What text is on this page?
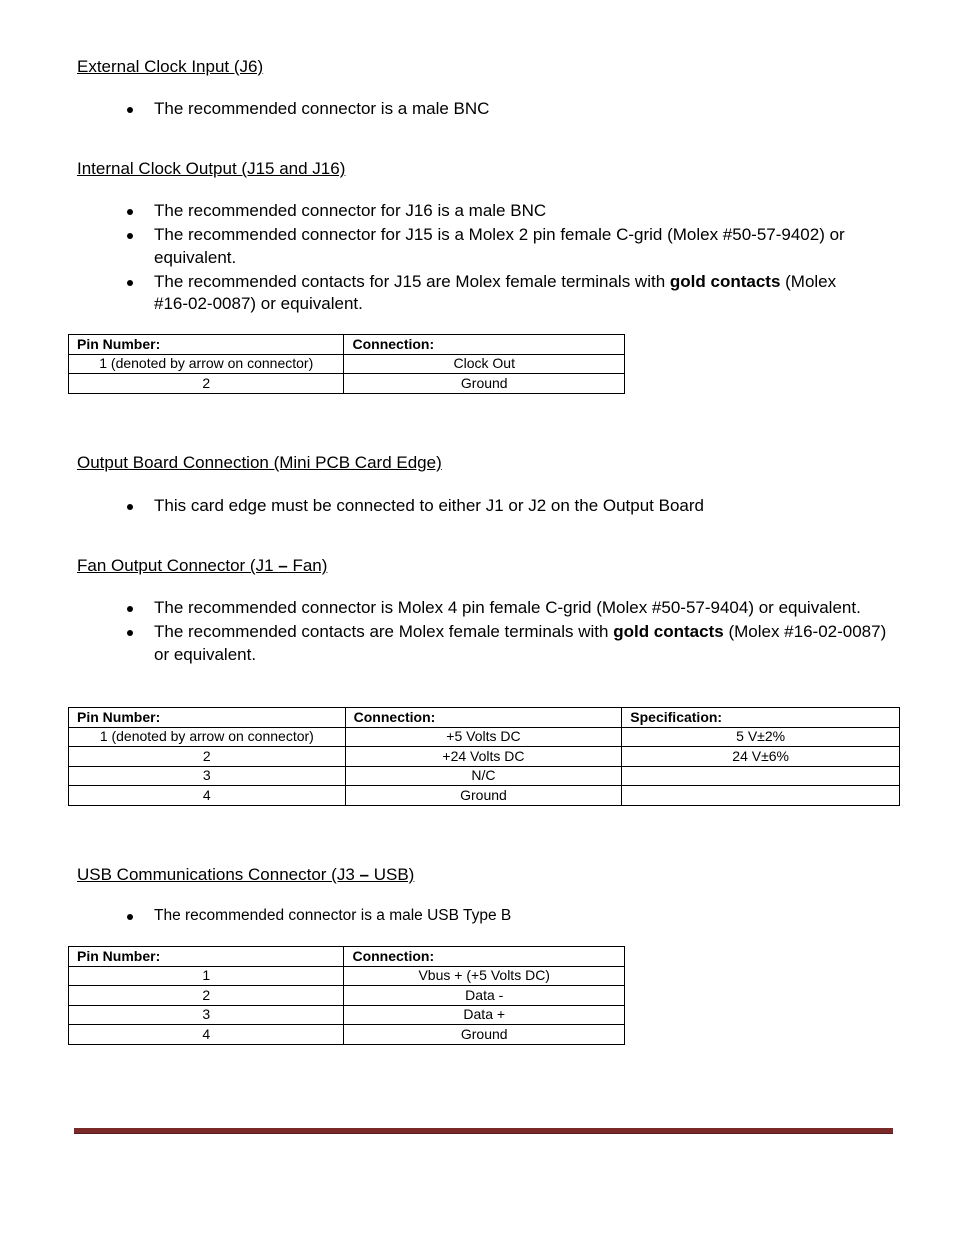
External Clock Input (J6)
The recommended connector is a male BNC
Internal Clock Output (J15 and J16)
The recommended connector for J16 is a male BNC
The recommended connector for J15 is a Molex 2 pin female C-grid (Molex #50-57-9402) or equivalent.
The recommended contacts for J15 are Molex female terminals with gold contacts (Molex #16-02-0087) or equivalent.
Pin Number:	Connection:
1 (denoted by arrow on connector)	Clock Out
2	Ground
Output Board Connection (Mini PCB Card Edge)
This card edge must be connected to either J1 or J2 on the Output Board
Fan Output Connector (J1 – Fan)
The recommended connector is Molex 4 pin female C-grid (Molex #50-57-9404) or equivalent.
The recommended contacts are Molex female terminals with gold contacts (Molex #16-02-0087) or equivalent.
Pin Number:	Connection:	Specification:
1 (denoted by arrow on connector)	+5 Volts DC	5 V±2%
2	+24 Volts DC	24 V±6%
3	N/C	
4	Ground	
USB Communications Connector (J3 – USB)
The recommended connector is a male USB Type B
Pin Number:	Connection:
1	Vbus + (+5 Volts DC)
2	Data -
3	Data +
4	Ground
